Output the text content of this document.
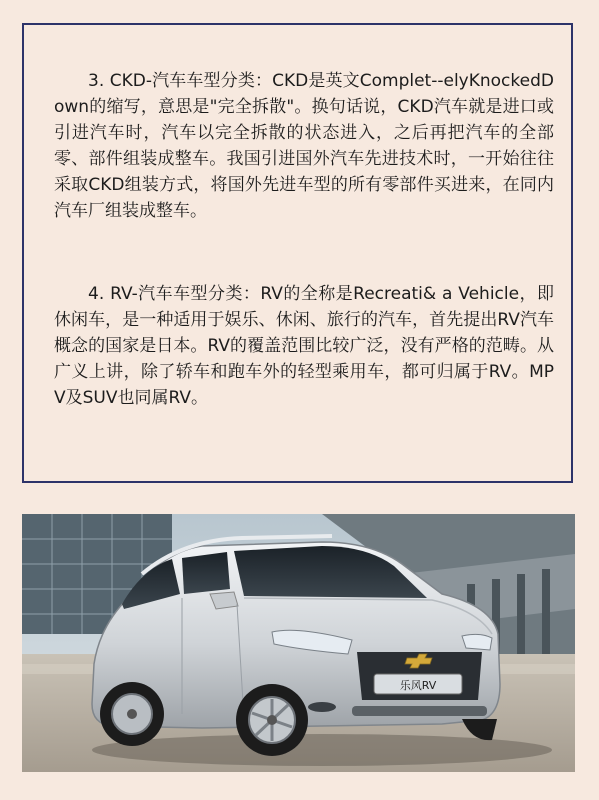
3. CKD-汽车车型分类：CKD是英文Complet--elyKnockedDown的缩写，意思是"完全拆散"。换句话说，CKD汽车就是进口或引进汽车时，汽车以完全拆散的状态进入，之后再把汽车的全部零、部件组装成整车。我国引进国外汽车先进技术时，一开始往往采取CKD组装方式，将国外先进车型的所有零部件买进来，在同内汽车厂组装成整车。

4. RV-汽车车型分类：RV的全称是Recreati& a Vehicle，即休闲车，是一种适用于娱乐、休闲、旅行的汽车，首先提出RV汽车概念的国家是日本。RV的覆盖范围比较广泛，没有严格的范畴。从广义上讲，除了轿车和跑车外的轻型乘用车，都可归属于RV。MPV及SUV也同属RV。

乐风RV
